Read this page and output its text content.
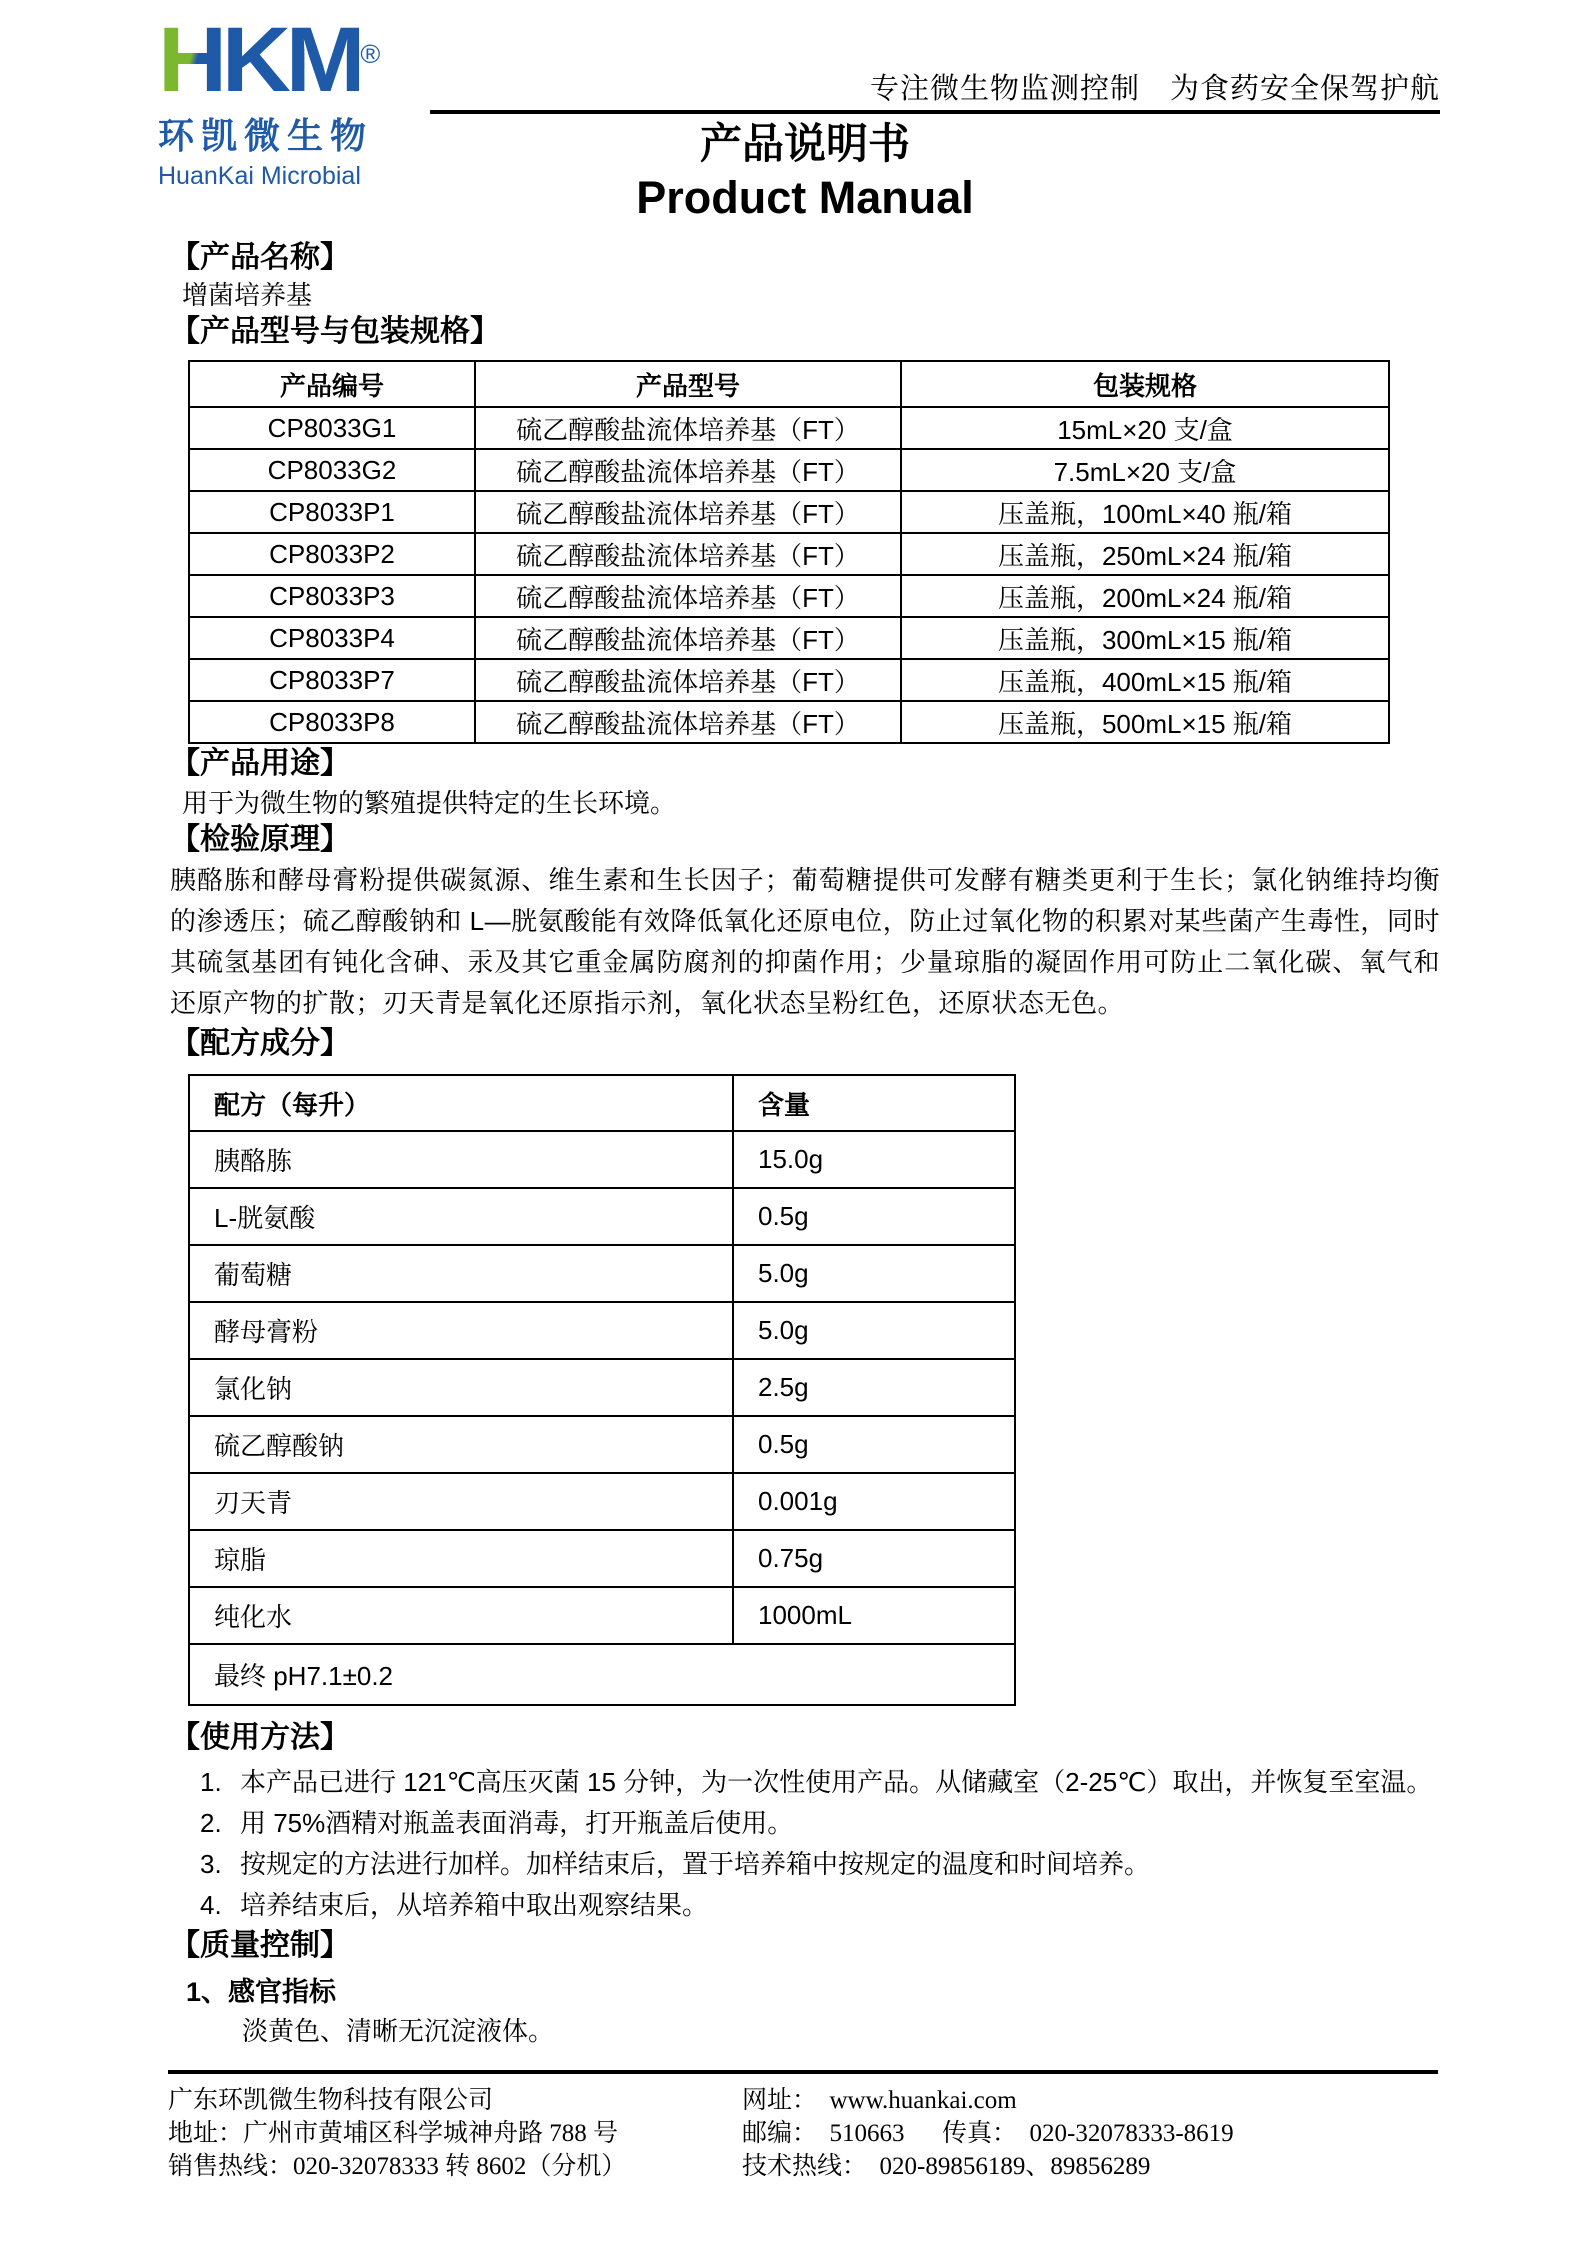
HKM®
环凯微生物
HuanKai Microbial
专注微生物监测控制　为食药安全保驾护航
产品说明书
Product Manual
【产品名称】

增菌培养基

【产品型号与包装规格】
产品编号	产品型号	包装规格
CP8033G1	硫乙醇酸盐流体培养基（FT）	15mL×20 支/盒
CP8033G2	硫乙醇酸盐流体培养基（FT）	7.5mL×20 支/盒
CP8033P1	硫乙醇酸盐流体培养基（FT）	压盖瓶，100mL×40 瓶/箱
CP8033P2	硫乙醇酸盐流体培养基（FT）	压盖瓶，250mL×24 瓶/箱
CP8033P3	硫乙醇酸盐流体培养基（FT）	压盖瓶，200mL×24 瓶/箱
CP8033P4	硫乙醇酸盐流体培养基（FT）	压盖瓶，300mL×15 瓶/箱
CP8033P7	硫乙醇酸盐流体培养基（FT）	压盖瓶，400mL×15 瓶/箱
CP8033P8	硫乙醇酸盐流体培养基（FT）	压盖瓶，500mL×15 瓶/箱
【产品用途】

用于为微生物的繁殖提供特定的生长环境。

【检验原理】

胰酪胨和酵母膏粉提供碳氮源、维生素和生长因子；葡萄糖提供可发酵有糖类更利于生长；氯化钠维持均衡的渗透压；硫乙醇酸钠和 L—胱氨酸能有效降低氧化还原电位，防止过氧化物的积累对某些菌产生毒性，同时其硫氢基团有钝化含砷、汞及其它重金属防腐剂的抑菌作用；少量琼脂的凝固作用可防止二氧化碳、氧气和还原产物的扩散；刃天青是氧化还原指示剂，氧化状态呈粉红色，还原状态无色。

【配方成分】
配方（每升）	含量
胰酪胨	15.0g
L-胱氨酸	0.5g
葡萄糖	5.0g
酵母膏粉	5.0g
氯化钠	2.5g
硫乙醇酸钠	0.5g
刃天青	0.001g
琼脂	0.75g
纯化水	1000mL
最终 pH7.1±0.2	
【使用方法】
1. 本产品已进行 121℃高压灭菌 15 分钟，为一次性使用产品。从储藏室（2-25℃）取出，并恢复至室温。
2. 用 75%酒精对瓶盖表面消毒，打开瓶盖后使用。
3. 按规定的方法进行加样。加样结束后，置于培养箱中按规定的温度和时间培养。
4. 培养结束后，从培养箱中取出观察结果。
【质量控制】
1、感官指标

淡黄色、清晰无沉淀液体。

广东环凯微生物科技有限公司
地址：广州市黄埔区科学城神舟路 788 号
销售热线：020-32078333 转 8602（分机）
网址：  www.huankai.com
邮编：  510663      传真：  020-32078333-8619
技术热线：  020-89856189、89856289
